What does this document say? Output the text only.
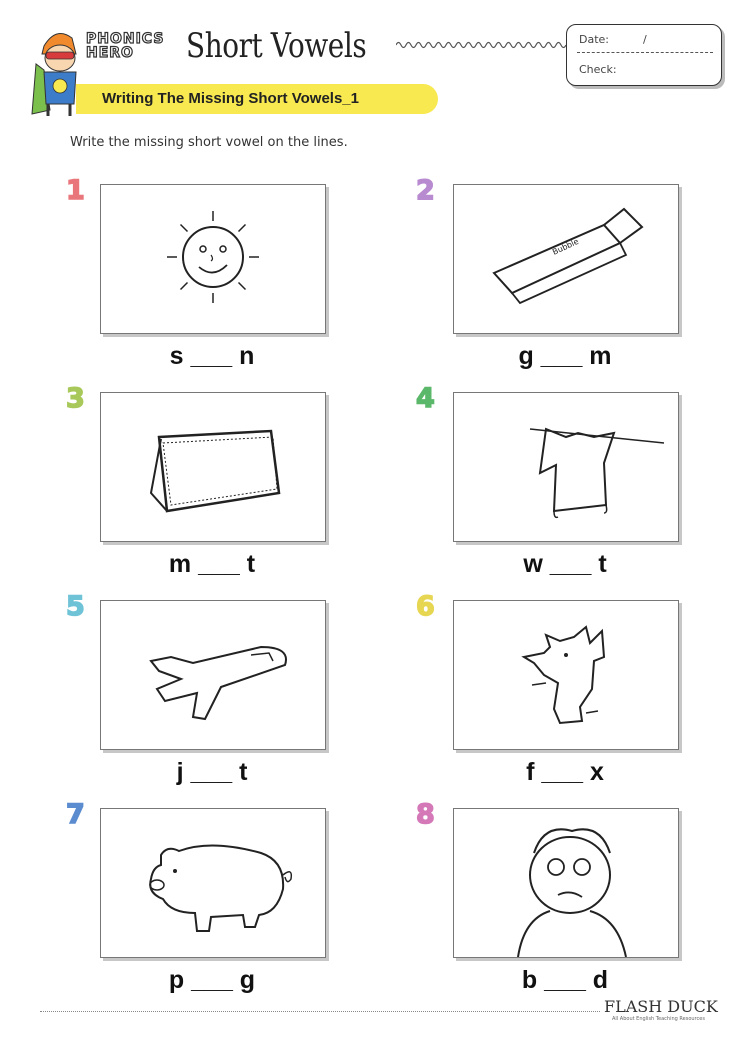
PHONICS
HERO	Short Vowels	Date:	/
Check:
Writing The Missing Short Vowels_1
Write the missing short vowel on the lines.
1
s ___ n
2
Bubble
g ___ m
3
m ___ t
4
w ___ t
5
j ___ t
6
f ___ x
7
p ___ g
8
b ___ d
FLASH DUCK
All About English Teaching Resources
